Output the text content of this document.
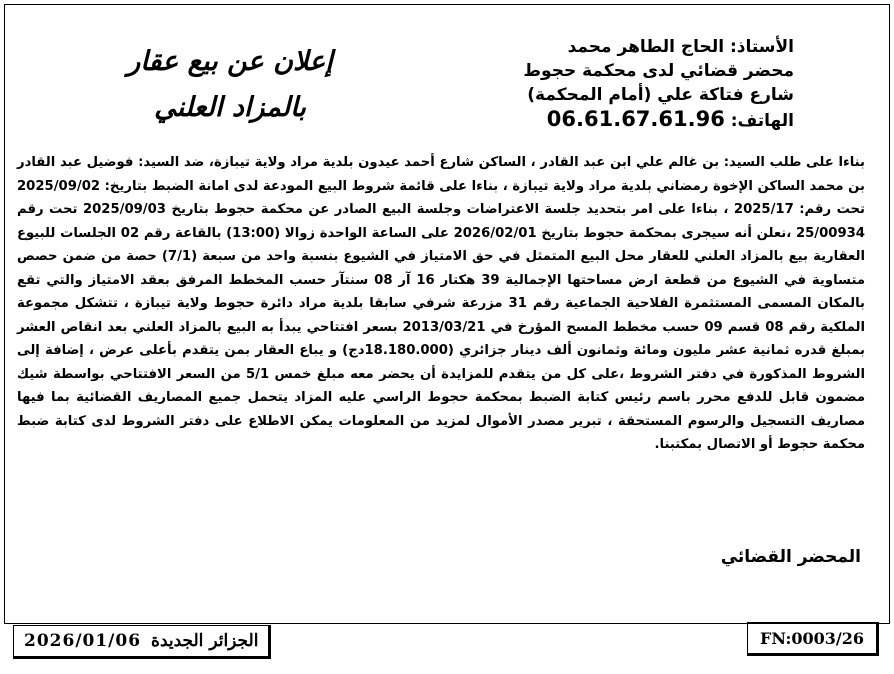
الأستاذ: الحاج الطاهر محمد
محضر قضائي لدى محكمة حجوط
شارع فتاكة علي (أمام المحكمة)
الهاتف: 06.61.67.61.96
إعلان عن بيع عقار
بالمزاد العلني

بناءا على طلب السيد: بن غالم علي ابن عبد القادر ، الساكن شارع أحمد عيدون بلدية مراد ولاية تيبازة، ضد السيد: فوضيل عبد القادر بن محمد الساكن الإخوة رمضاني بلدية مراد ولاية تيبازة ، بناءا على قائمة شروط البيع المودعة لدى امانة الضبط بتاريخ: 2025/09/02 تحت رقم: 2025/17 ، بناءا على امر بتحديد جلسة الاعتراضات وجلسة البيع الصادر عن محكمة حجوط بتاريخ 2025/09/03 تحت رقم 25/00934 ،نعلن أنه سيجرى بمحكمة حجوط بتاريخ 2026/02/01 على الساعة الواحدة زوالا (13:00) بالقاعة رقم 02 الجلسات للبيوع العقارية بيع بالمزاد العلني للعقار محل البيع المتمثل في حق الامتياز في الشيوع بنسبة واحد من سبعة (7/1) حصة من ضمن حصص متساوية في الشيوع من قطعة ارض مساحتها الإجمالية 39 هكتار 16 آر 08 سنتآر حسب المخطط المرفق بعقد الامتياز والتي تقع بالمكان المسمى المستثمرة الفلاحية الجماعية رقم 31 مزرعة شرفي سابقا بلدية مراد دائرة حجوط ولاية تيبازة ، تتشكل مجموعة الملكية رقم 08 قسم 09 حسب مخطط المسح المؤرخ في 2013/03/21 بسعر افتتاحي يبدأ به البيع بالمزاد العلني بعد انقاص العشر بمبلغ قدره ثمانية عشر مليون ومائة وثمانون ألف دينار جزائري (18.180.000دج) و يباع العقار بمن يتقدم بأعلى عرض ، إضافة إلى الشروط المذكورة في دفتر الشروط ،على كل من يتقدم للمزايدة أن يحضر معه مبلغ خمس 5/1 من السعر الافتتاحي بواسطة شيك مضمون قابل للدفع محرر باسم رئيس كتابة الضبط بمحكمة حجوط الراسي عليه المزاد يتحمل جميع المصاريف القضائية بما فيها مصاريف التسجيل والرسوم المستحقة ، تبرير مصدر الأموال لمزيد من المعلومات يمكن الاطلاع على دفتر الشروط لدى كتابة ضبط محكمة حجوط أو الاتصال بمكتبنا.

المحضر القضائي
2026/01/06 الجزائر الجديدة	FN:0003/26
